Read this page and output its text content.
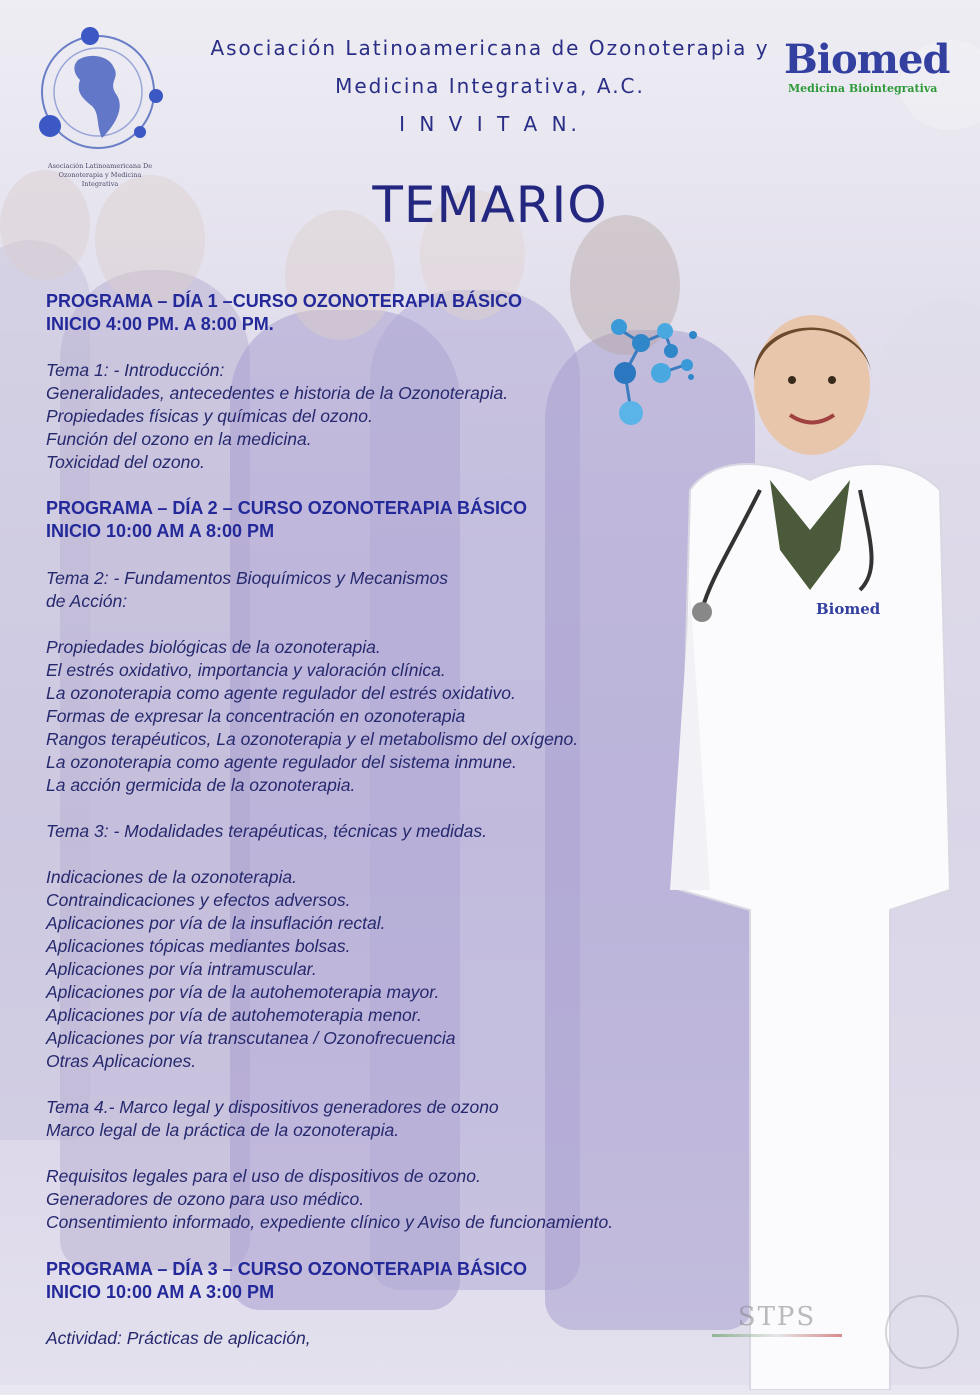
Asociación Latinoamericana De
Ozonoterapia y Medicina
Integrativa
Asociación Latinoamericana de Ozonoterapia y
Medicina Integrativa, A.C.
I N V I T A N.
Biomed
Medicina Biointegrativa
TEMARIO
Biomed
STPS
PROGRAMA – DÍA 1 –CURSO OZONOTERAPIA BÁSICO
INICIO 4:00 PM. A 8:00 PM.
Tema 1: - Introducción:
Generalidades, antecedentes e historia de la Ozonoterapia.
Propiedades físicas y químicas del ozono.
Función del ozono en la medicina.
Toxicidad del ozono.
PROGRAMA – DÍA 2 – CURSO OZONOTERAPIA BÁSICO
INICIO 10:00 AM A 8:00 PM
Tema 2: - Fundamentos Bioquímicos y Mecanismos
de Acción:
Propiedades biológicas de la ozonoterapia.
El estrés oxidativo, importancia y valoración clínica.
La ozonoterapia como agente regulador del estrés oxidativo.
Formas de expresar la concentración en ozonoterapia
Rangos terapéuticos, La ozonoterapia y el metabolismo del oxígeno.
La ozonoterapia como agente regulador del sistema inmune.
La acción germicida de la ozonoterapia.
Tema 3: - Modalidades terapéuticas, técnicas y medidas.
Indicaciones de la ozonoterapia.
Contraindicaciones y efectos adversos.
Aplicaciones por vía de la insuflación rectal.
Aplicaciones tópicas mediantes bolsas.
Aplicaciones por vía intramuscular.
Aplicaciones por vía de la autohemoterapia mayor.
Aplicaciones por vía de autohemoterapia menor.
Aplicaciones por vía transcutanea / Ozonofrecuencia
Otras Aplicaciones.
Tema 4.- Marco legal y dispositivos generadores de ozono
Marco legal de la práctica de la ozonoterapia.
Requisitos legales para el uso de dispositivos de ozono.
Generadores de ozono para uso médico.
Consentimiento informado, expediente clínico y Aviso de funcionamiento.
PROGRAMA – DÍA 3 – CURSO OZONOTERAPIA BÁSICO
INICIO 10:00 AM A 3:00 PM
Actividad: Prácticas de aplicación,
